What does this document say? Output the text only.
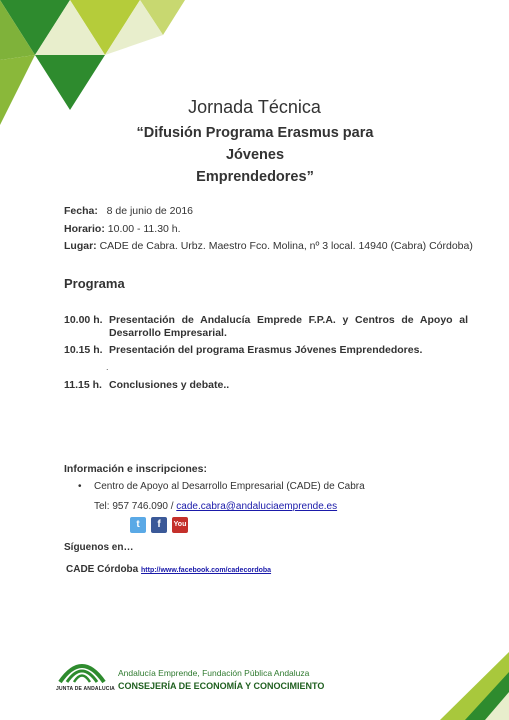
Jornada Técnica
“Difusión Programa Erasmus para Jóvenes
Emprendedores”
Fecha: 8 de junio de 2016
Horario: 10.00 - 11.30 h.
Lugar: CADE de Cabra. Urbz. Maestro Fco. Molina, nº 3 local. 14940 (Cabra) Córdoba)
Programa
10.00 h. Presentación de Andalucía Emprede F.P.A. y Centros de Apoyo al Desarrollo Empresarial.
10.15 h. Presentación del programa Erasmus Jóvenes Emprendedores.
.
11.15 h. Conclusiones y debate..
Información e inscripciones:
• Centro de Apoyo al Desarrollo Empresarial (CADE) de Cabra
Tel: 957 746.090 / cade.cabra@andaluciaemprende.es
t	f	You
Síguenos en…
CADE Córdoba http://www.facebook.com/cadecordoba
JUNTA DE ANDALUCIA
Andalucía Emprende, Fundación Pública Andaluza
CONSEJERÍA DE ECONOMÍA Y CONOCIMIENTO
